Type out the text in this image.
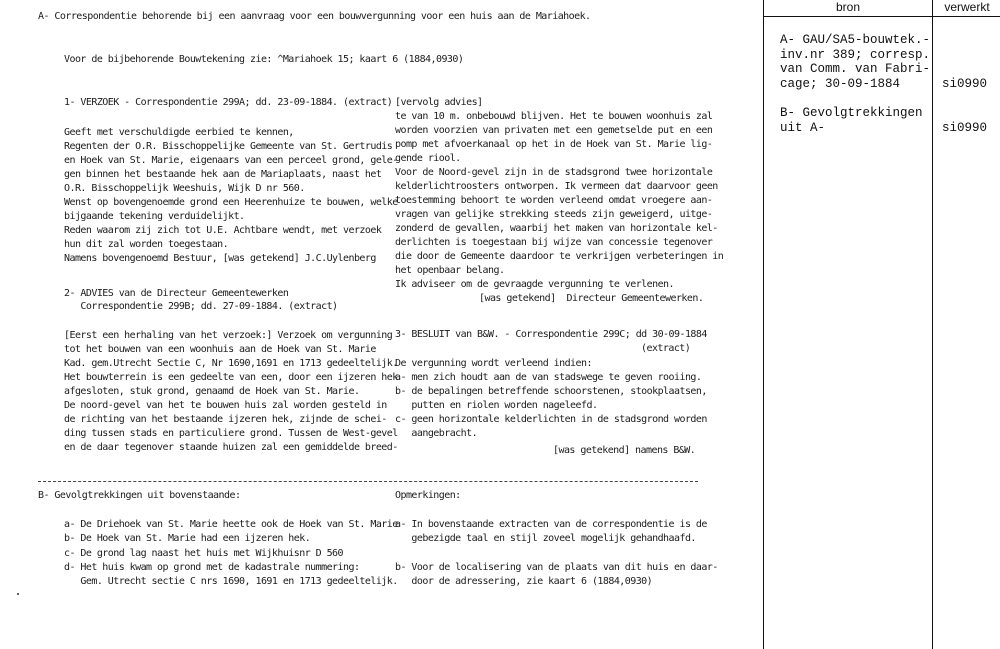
A- Correspondentie behorende bij een aanvraag voor een bouwvergunning voor een huis aan de Mariahoek.
Voor de bijbehorende Bouwtekening zie: ^Mariahoek 15; kaart 6 (1884,0930)
1- VERZOEK - Correspondentie 299A; dd. 23-09-1884. (extract)
Geeft met verschuldigde eerbied te kennen,
Regenten der O.R. Bisschoppelijke Gemeente van St. Gertrudis
en Hoek van St. Marie, eigenaars van een perceel grond, gele-
gen binnen het bestaande hek aan de Mariaplaats, naast het
O.R. Bisschoppelijk Weeshuis, Wijk D nr 560.
Wenst op bovengenoemde grond een Heerenhuize te bouwen, welke
bijgaande tekening verduidelijkt.
Reden waarom zij zich tot U.E. Achtbare wendt, met verzoek
hun dit zal worden toegestaan.
Namens bovengenoemd Bestuur, [was getekend] J.C.Uylenberg
2- ADVIES van de Directeur Gemeentewerken
Correspondentie 299B; dd. 27-09-1884. (extract)
[Eerst een herhaling van het verzoek:] Verzoek om vergunning
tot het bouwen van een woonhuis aan de Hoek van St. Marie
Kad. gem.Utrecht Sectie C, Nr 1690,1691 en 1713 gedeeltelijk.
Het bouwterrein is een gedeelte van een, door een ijzeren hek
afgesloten, stuk grond, genaamd de Hoek van St. Marie.
De noord-gevel van het te bouwen huis zal worden gesteld in
de richting van het bestaande ijzeren hek, zijnde de schei-
ding tussen stads en particuliere grond. Tussen de West-gevel
en de daar tegenover staande huizen zal een gemiddelde breed-
[vervolg advies]
te van 10 m. onbebouwd blijven. Het te bouwen woonhuis zal
worden voorzien van privaten met een gemetselde put en een
pomp met afvoerkanaal op het in de Hoek van St. Marie lig-
gende riool.
Voor de Noord-gevel zijn in de stadsgrond twee horizontale
kelderlichtroosters ontworpen. Ik vermeen dat daarvoor geen
toestemming behoort te worden verleend omdat vroegere aan-
vragen van gelijke strekking steeds zijn geweigerd, uitge-
zonderd de gevallen, waarbij het maken van horizontale kel-
derlichten is toegestaan bij wijze van concessie tegenover
die door de Gemeente daardoor te verkrijgen verbeteringen in
het openbaar belang.
Ik adviseer om de gevraagde vergunning te verlenen.
[was getekend]  Directeur Gemeentewerken.
3- BESLUIT van B&W. - Correspondentie 299C; dd 30-09-1884
(extract)
De vergunning wordt verleend indien:
a- men zich houdt aan de van stadswege te geven rooiing.
b- de bepalingen betreffende schoorstenen, stookplaatsen,
putten en riolen worden nageleefd.
c- geen horizontale kelderlichten in de stadsgrond worden
aangebracht.
[was getekend] namens B&W.
B- Gevolgtrekkingen uit bovenstaande:
a- De Driehoek van St. Marie heette ook de Hoek van St. Marie
b- De Hoek van St. Marie had een ijzeren hek.
c- De grond lag naast het huis met Wijkhuisnr D 560
d- Het huis kwam op grond met de kadastrale nummering:
Gem. Utrecht sectie C nrs 1690, 1691 en 1713 gedeeltelijk.
Opmerkingen:
a- In bovenstaande extracten van de correspondentie is de
gebezigde taal en stijl zoveel mogelijk gehandhaafd.
b- Voor de localisering van de plaats van dit huis en daar-
door de adressering, zie kaart 6 (1884,0930)
bron	verwerkt
A- GAU/SA5-bouwtek.-
inv.nr 389; corresp.
van Comm. van Fabri-
cage; 30-09-1884	si0990
B- Gevolgtrekkingen
uit A-	si0990
